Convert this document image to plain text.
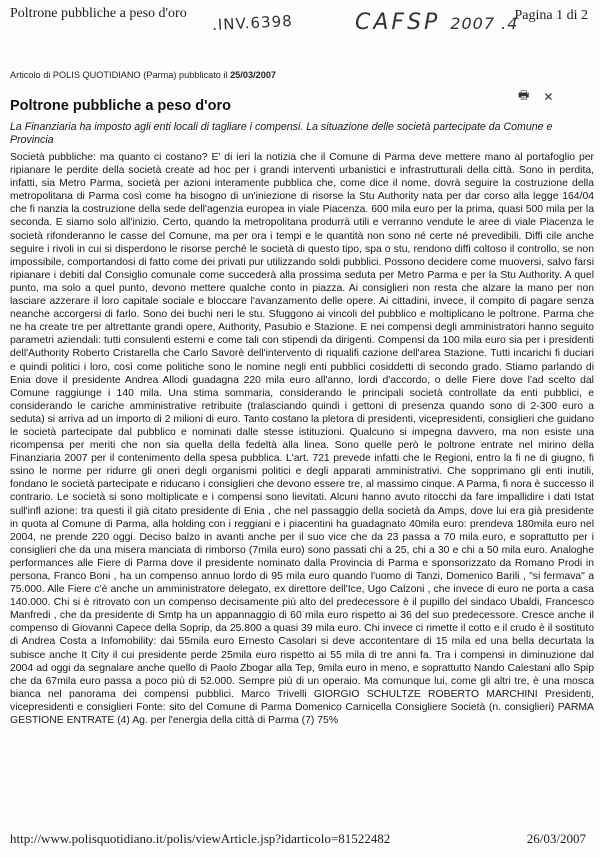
Poltrone pubbliche a peso d'oro .INV.6398	CAFSP 2007 .4
Pagina 1 di 2
Articolo di POLIS QUOTIDIANO (Parma) pubblicato il 25/03/2007
🖶 ✕
Poltrone pubbliche a peso d'oro
La Finanziaria ha imposto agli enti locali di tagliare i compensi. La situazione delle società partecipate da Comune e Provincia
Società pubbliche: ma quanto ci costano? E' di ieri la notizia che il Comune di Parma deve mettere mano al portafoglio per ripianare le perdite della società create ad hoc per i grandi interventi urbanistici e infrastrutturali della città. Sono in perdita, infatti, sia Metro Parma, società per azioni interamente pubblica che, come dice il nome, dovrà seguire la costruzione della metropolitana di Parma così come ha bisogno di un'iniezione di risorse la Stu Authority nata per dar corso alla legge 164/04 che fi nanzia la costruzione della sede dell'agenzia europea in viale Piacenza. 600 mila euro per la prima, quasi 500 mila per la seconda. E siamo solo all'inizio. Certo, quando la metropolitana produrrà utili e verranno vendute le aree di viale Piacenza le società rifonderanno le casse del Comune, ma per ora i tempi e le quantità non sono né certe né prevedibili. Diffi cile anche seguire i rivoli in cui si disperdono le risorse perché le società di questo tipo, spa o stu, rendono diffi coltoso il controllo, se non impossibile, comportandosi di fatto come dei privati pur utilizzando soldi pubblici. Possono decidere come muoversi, salvo farsi ripianare i debiti dal Consiglio comunale come succederà alla prossima seduta per Metro Parma e per la Stu Authority. A quel punto, ma solo a quel punto, devono mettere qualche conto in piazza. Ai consiglieri non resta che alzare la mano per non lasciare azzerare il loro capitale sociale e bloccare l'avanzamento delle opere. Ai cittadini, invece, il compito di pagare senza neanche accorgersi di farlo. Sono dei buchi neri le stu. Sfuggono ai vincoli del pubblico e moltiplicano le poltrone. Parma che ne ha create tre per altrettante grandi opere, Authority, Pasubio e Stazione. E nei compensi degli amministratori hanno seguito parametri aziendali: tutti consulenti esterni e come tali con stipendi da dirigenti. Compensi da 100 mila euro sia per i presidenti dell'Authority Roberto Cristarella che Carlo Savorè dell'intervento di riqualifi cazione dell'area Stazione. Tutti incarichi fi duciari e quindi politici i loro, così come politiche sono le nomine negli enti pubblici cosiddetti di secondo grado. Stiamo parlando di Enia dove il presidente Andrea Allodi guadagna 220 mila euro all'anno, lordi d'accordo, o delle Fiere dove l'ad scelto dal Comune raggiunge i 140 mila. Una stima sommaria, considerando le principali società controllate da enti pubblici, e considerando le cariche amministrative retribuite (tralasciando quindi i gettoni di presenza quando sono di 2-300 euro a seduta) si arriva ad un importo di 2 milioni di euro. Tanto costano la pletora di presidenti, vicepresidenti, consiglieri che guidano le società partecipate dal pubblico e nominati dalle stesse istituzioni. Qualcuno si impegna davvero, ma non esiste una ricompensa per meriti che non sia quella della fedeltà alla linea. Sono quelle però le poltrone entrate nel mirino della Finanziaria 2007 per il contenimento della spesa pubblica. L'art. 721 prevede infatti che le Regioni, entro la fi ne di giugno, fi ssino le norme per ridurre gli oneri degli organismi politici e degli apparati amministrativi. Che sopprimano gli enti inutili, fondano le società partecipate e riducano i consiglieri che devono essere tre, al massimo cinque. A Parma, fi nora è successo il contrario. Le società si sono moltiplicate e i compensi sono lievitati. Alcuni hanno avuto ritocchi da fare impallidire i dati Istat sull'infl azione: tra questi il già citato presidente di Enia , che nel passaggio della società da Amps, dove lui era già presidente in quota al Comune di Parma, alla holding con i reggiani e i piacentini ha guadagnato 40mila euro: prendeva 180mila euro nel 2004, ne prende 220 oggi. Deciso balzo in avanti anche per il suo vice che da 23 passa a 70 mila euro, e soprattutto per i consiglieri che da una misera manciata di rimborso (7mila euro) sono passati chi a 25, chi a 30 e chi a 50 mila euro. Analoghe performances alle Fiere di Parma dove il presidente nominato dalla Provincia di Parma e sponsorizzato da Romano Prodi in persona, Franco Boni , ha un compenso annuo lordo di 95 mila euro quando l'uomo di Tanzi, Domenico Barili , "si fermava" a 75.000. Alle Fiere c'è anche un amministratore delegato, ex direttore dell'Ice, Ugo Calzoni , che invece di euro ne porta a casa 140.000. Chi si è ritrovato con un compenso decisamente più alto del predecessore è il pupillo del sindaco Ubaldi, Francesco Manfredi , che da presidente di Smtp ha un appannaggio di 60 mila euro rispetto ai 36 del suo predecessore. Cresce anche il compenso di Giovanni Capece della Soprip, da 25.800 a quasi 39 mila euro. Chi invece ci rimette il cotto e il crudo è il sostituto di Andrea Costa a Infomobility: dai 55mila euro Ernesto Casolari si deve accontentare di 15 mila ed una bella decurtata la subisce anche It City il cui presidente perde 25mila euro rispetto ai 55 mila di tre anni fa. Tra i compensi in diminuzione dal 2004 ad oggi da segnalare anche quello di Paolo Zbogar alla Tep, 9mila euro in meno, e soprattutto Nando Calestani allo Spip che da 67mila euro passa a poco più di 52.000. Sempre più di un operaio. Ma comunque lui, come gli altri tre, è una mosca bianca nel panorama dei compensi pubblici. Marco Trivelli GIORGIO SCHULTZE ROBERTO MARCHINI Presidenti, vicepresidenti e consiglieri Fonte: sito del Comune di Parma Domenico Carnicella Consigliere Società (n. consiglieri) PARMA GESTIONE ENTRATE (4) Ag. per l'energia della città di Parma (7) 75%
http://www.polisquotidiano.it/polis/viewArticle.jsp?idarticolo=81522482	26/03/2007
